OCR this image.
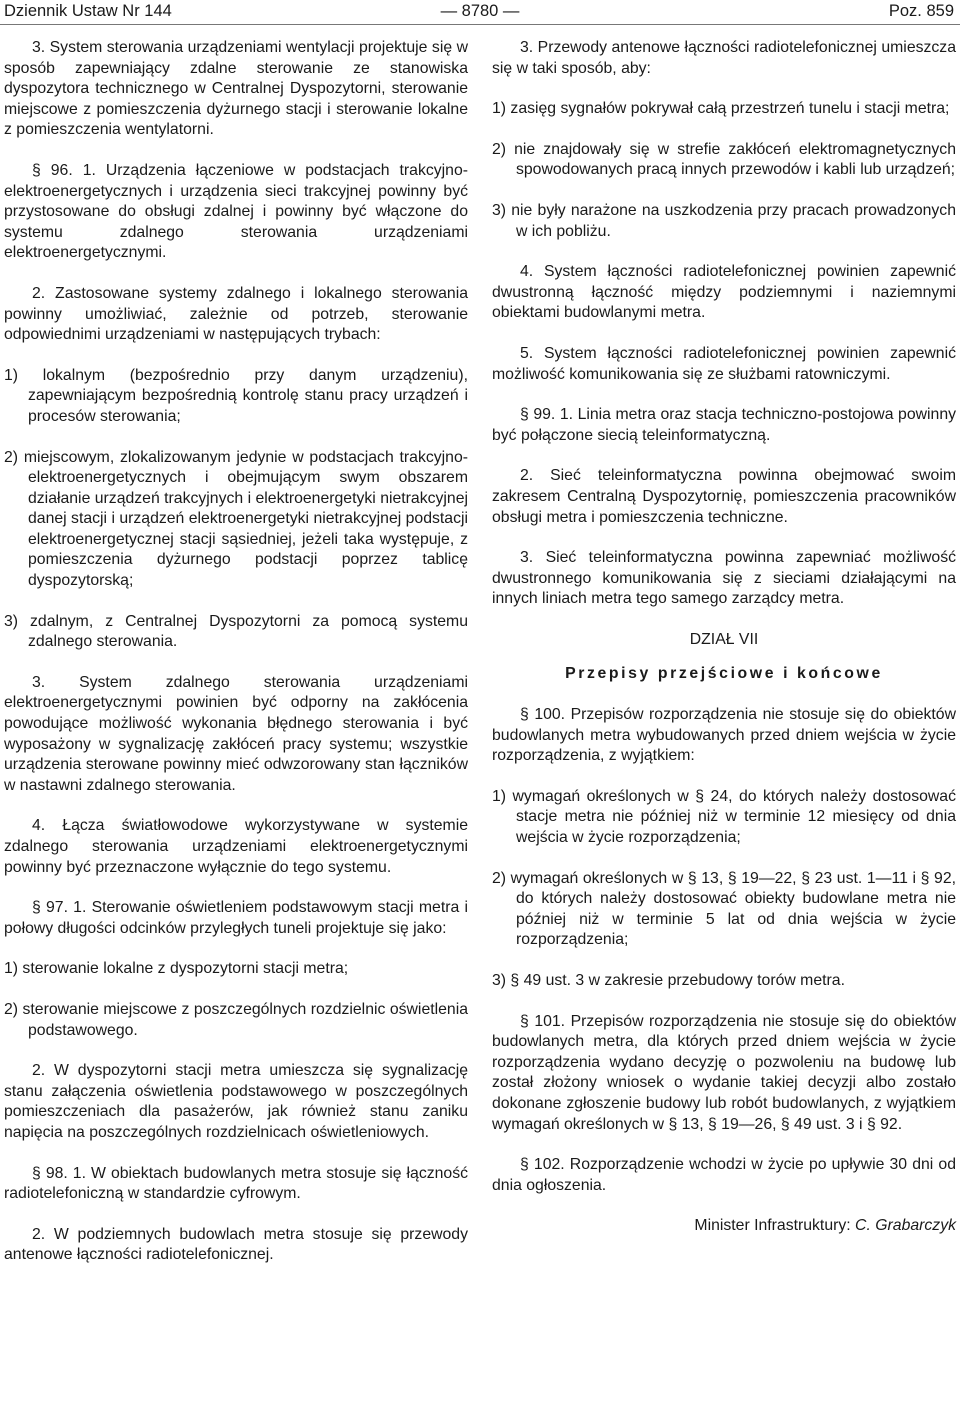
Dziennik Ustaw Nr 144	— 8780 —	Poz. 859

3. System sterowania urządzeniami wentylacji projektuje się w sposób zapewniający zdalne sterowanie ze stanowiska dyspozytora technicznego w Centralnej Dyspozytorni, sterowanie miejscowe z pomieszczenia dyżurnego stacji i sterowanie lokalne z pomieszczenia wentylatorni.

§ 96. 1. Urządzenia łączeniowe w podstacjach trakcyjno-elektroenergetycznych i urządzenia sieci trakcyjnej powinny być przystosowane do obsługi zdalnej i powinny być włączone do systemu zdalnego sterowania urządzeniami elektroenergetycznymi.

2. Zastosowane systemy zdalnego i lokalnego sterowania powinny umożliwiać, zależnie od potrzeb, sterowanie odpowiednimi urządzeniami w następujących trybach:

1) lokalnym (bezpośrednio przy danym urządzeniu), zapewniającym bezpośrednią kontrolę stanu pracy urządzeń i procesów sterowania;

2) miejscowym, zlokalizowanym jedynie w podstacjach trakcyjno-elektroenergetycznych i obejmującym swym obszarem działanie urządzeń trakcyjnych i elektroenergetyki nietrakcyjnej danej stacji i urządzeń elektroenergetyki nietrakcyjnej podstacji elektroenergetycznej stacji sąsiedniej, jeżeli taka występuje, z pomieszczenia dyżurnego podstacji poprzez tablicę dyspozytorską;

3) zdalnym, z Centralnej Dyspozytorni za pomocą systemu zdalnego sterowania.

3. System zdalnego sterowania urządzeniami elektroenergetycznymi powinien być odporny na zakłócenia powodujące możliwość wykonania błędnego sterowania i być wyposażony w sygnalizację zakłóceń pracy systemu; wszystkie urządzenia sterowane powinny mieć odwzorowany stan łączników w nastawni zdalnego sterowania.

4. Łącza światłowodowe wykorzystywane w systemie zdalnego sterowania urządzeniami elektroenergetycznymi powinny być przeznaczone wyłącznie do tego systemu.

§ 97. 1. Sterowanie oświetleniem podstawowym stacji metra i połowy długości odcinków przyległych tuneli projektuje się jako:

1) sterowanie lokalne z dyspozytorni stacji metra;

2) sterowanie miejscowe z poszczególnych rozdzielnic oświetlenia podstawowego.

2. W dyspozytorni stacji metra umieszcza się sygnalizację stanu załączenia oświetlenia podstawowego w poszczególnych pomieszczeniach dla pasażerów, jak również stanu zaniku napięcia na poszczególnych rozdzielnicach oświetleniowych.

§ 98. 1. W obiektach budowlanych metra stosuje się łączność radiotelefoniczną w standardzie cyfrowym.

2. W podziemnych budowlach metra stosuje się przewody antenowe łączności radiotelefonicznej.

3. Przewody antenowe łączności radiotelefonicznej umieszcza się w taki sposób, aby:

1) zasięg sygnałów pokrywał całą przestrzeń tunelu i stacji metra;

2) nie znajdowały się w strefie zakłóceń elektromagnetycznych spowodowanych pracą innych przewodów i kabli lub urządzeń;

3) nie były narażone na uszkodzenia przy pracach prowadzonych w ich pobliżu.

4. System łączności radiotelefonicznej powinien zapewnić dwustronną łączność między podziemnymi i naziemnymi obiektami budowlanymi metra.

5. System łączności radiotelefonicznej powinien zapewnić możliwość komunikowania się ze służbami ratowniczymi.

§ 99. 1. Linia metra oraz stacja techniczno-postojowa powinny być połączone siecią teleinformatyczną.

2. Sieć teleinformatyczna powinna obejmować swoim zakresem Centralną Dyspozytornię, pomieszczenia pracowników obsługi metra i pomieszczenia techniczne.

3. Sieć teleinformatyczna powinna zapewniać możliwość dwustronnego komunikowania się z sieciami działającymi na innych liniach metra tego samego zarządcy metra.

DZIAŁ VII

Przepisy przejściowe i końcowe

§ 100. Przepisów rozporządzenia nie stosuje się do obiektów budowlanych metra wybudowanych przed dniem wejścia w życie rozporządzenia, z wyjątkiem:

1) wymagań określonych w § 24, do których należy dostosować stacje metra nie później niż w terminie 12 miesięcy od dnia wejścia w życie rozporządzenia;

2) wymagań określonych w § 13, § 19—22, § 23 ust. 1—11 i § 92, do których należy dostosować obiekty budowlane metra nie później niż w terminie 5 lat od dnia wejścia w życie rozporządzenia;

3) § 49 ust. 3 w zakresie przebudowy torów metra.

§ 101. Przepisów rozporządzenia nie stosuje się do obiektów budowlanych metra, dla których przed dniem wejścia w życie rozporządzenia wydano decyzję o pozwoleniu na budowę lub został złożony wniosek o wydanie takiej decyzji albo zostało dokonane zgłoszenie budowy lub robót budowlanych, z wyjątkiem wymagań określonych w § 13, § 19—26, § 49 ust. 3 i § 92.

§ 102. Rozporządzenie wchodzi w życie po upływie 30 dni od dnia ogłoszenia.

Minister Infrastruktury: C. Grabarczyk
